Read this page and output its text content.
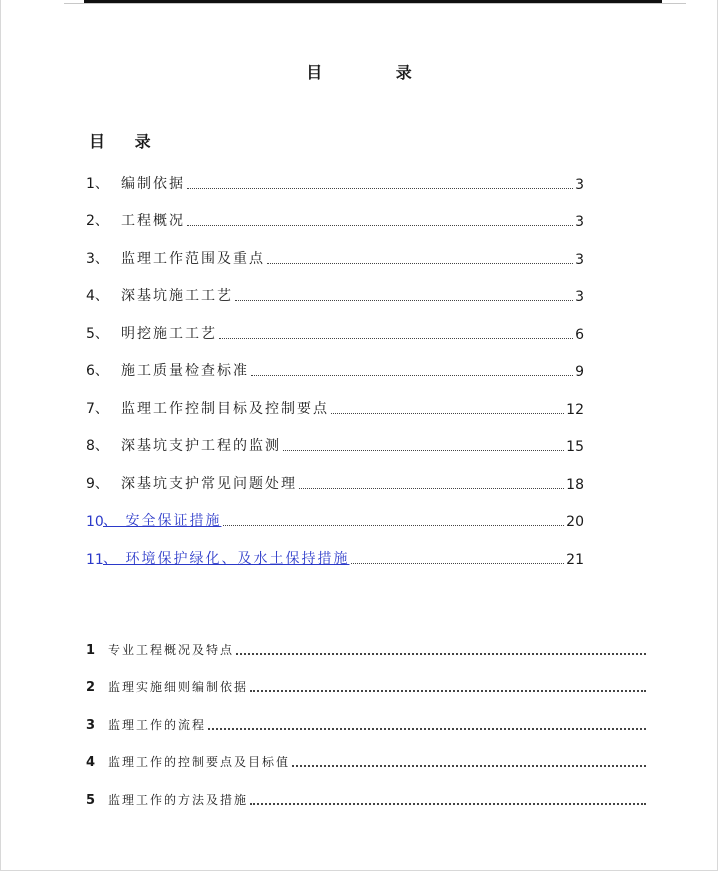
目 录
目 录
1、 编制依据	3
2、 工程概况	3
3、 监理工作范围及重点	3
4、 深基坑施工工艺	3
5、 明挖施工工艺	6
6、 施工质量检查标准	9
7、 监理工作控制目标及控制要点	12
8、 深基坑支护工程的监测	15
9、 深基坑支护常见问题处理	18
10 、 安全保证措施	20
11 、 环境保护绿化、及水土保持措施	21
1	专业工程概况及特点
2	监理实施细则编制依据
3	监理工作的流程
4	监理工作的控制要点及目标值
5	监理工作的方法及措施
